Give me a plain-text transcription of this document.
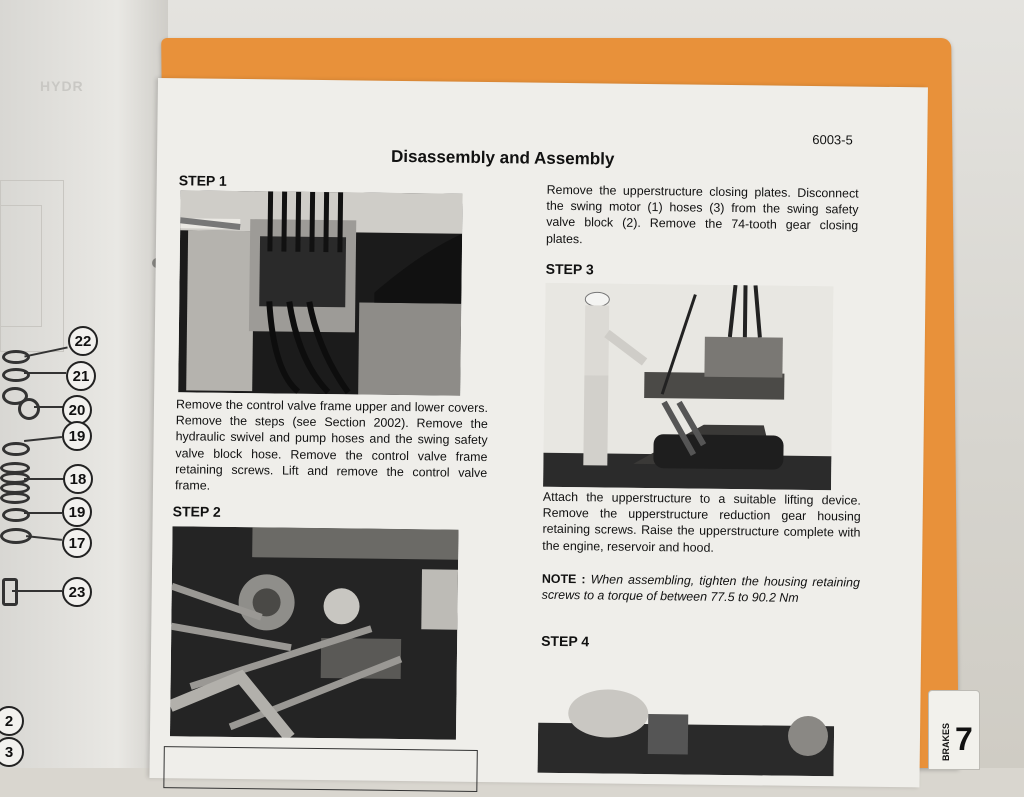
HYDR
22
21
20
19
18
19
17
23
2
3
6003-5
Disassembly and Assembly
STEP 1
Remove the control valve frame upper and lower covers. Remove the steps (see Section 2002). Remove the hydraulic swivel and pump hoses and the swing safety valve block hose. Remove the control valve frame retaining screws. Lift and remove the control valve frame.
STEP 2
Remove the upperstructure closing plates. Disconnect the swing motor (1) hoses (3) from the swing safety valve block (2). Remove the 74-tooth gear closing plates.
STEP 3
Attach the upperstructure to a suitable lifting device. Remove the upperstructure reduction gear housing retaining screws. Raise the upperstructure complete with the engine, reservoir and hood.
NOTE : When assembling, tighten the housing retaining screws to a torque of between 77.5 to 90.2 Nm
STEP 4
BRAKES 7
